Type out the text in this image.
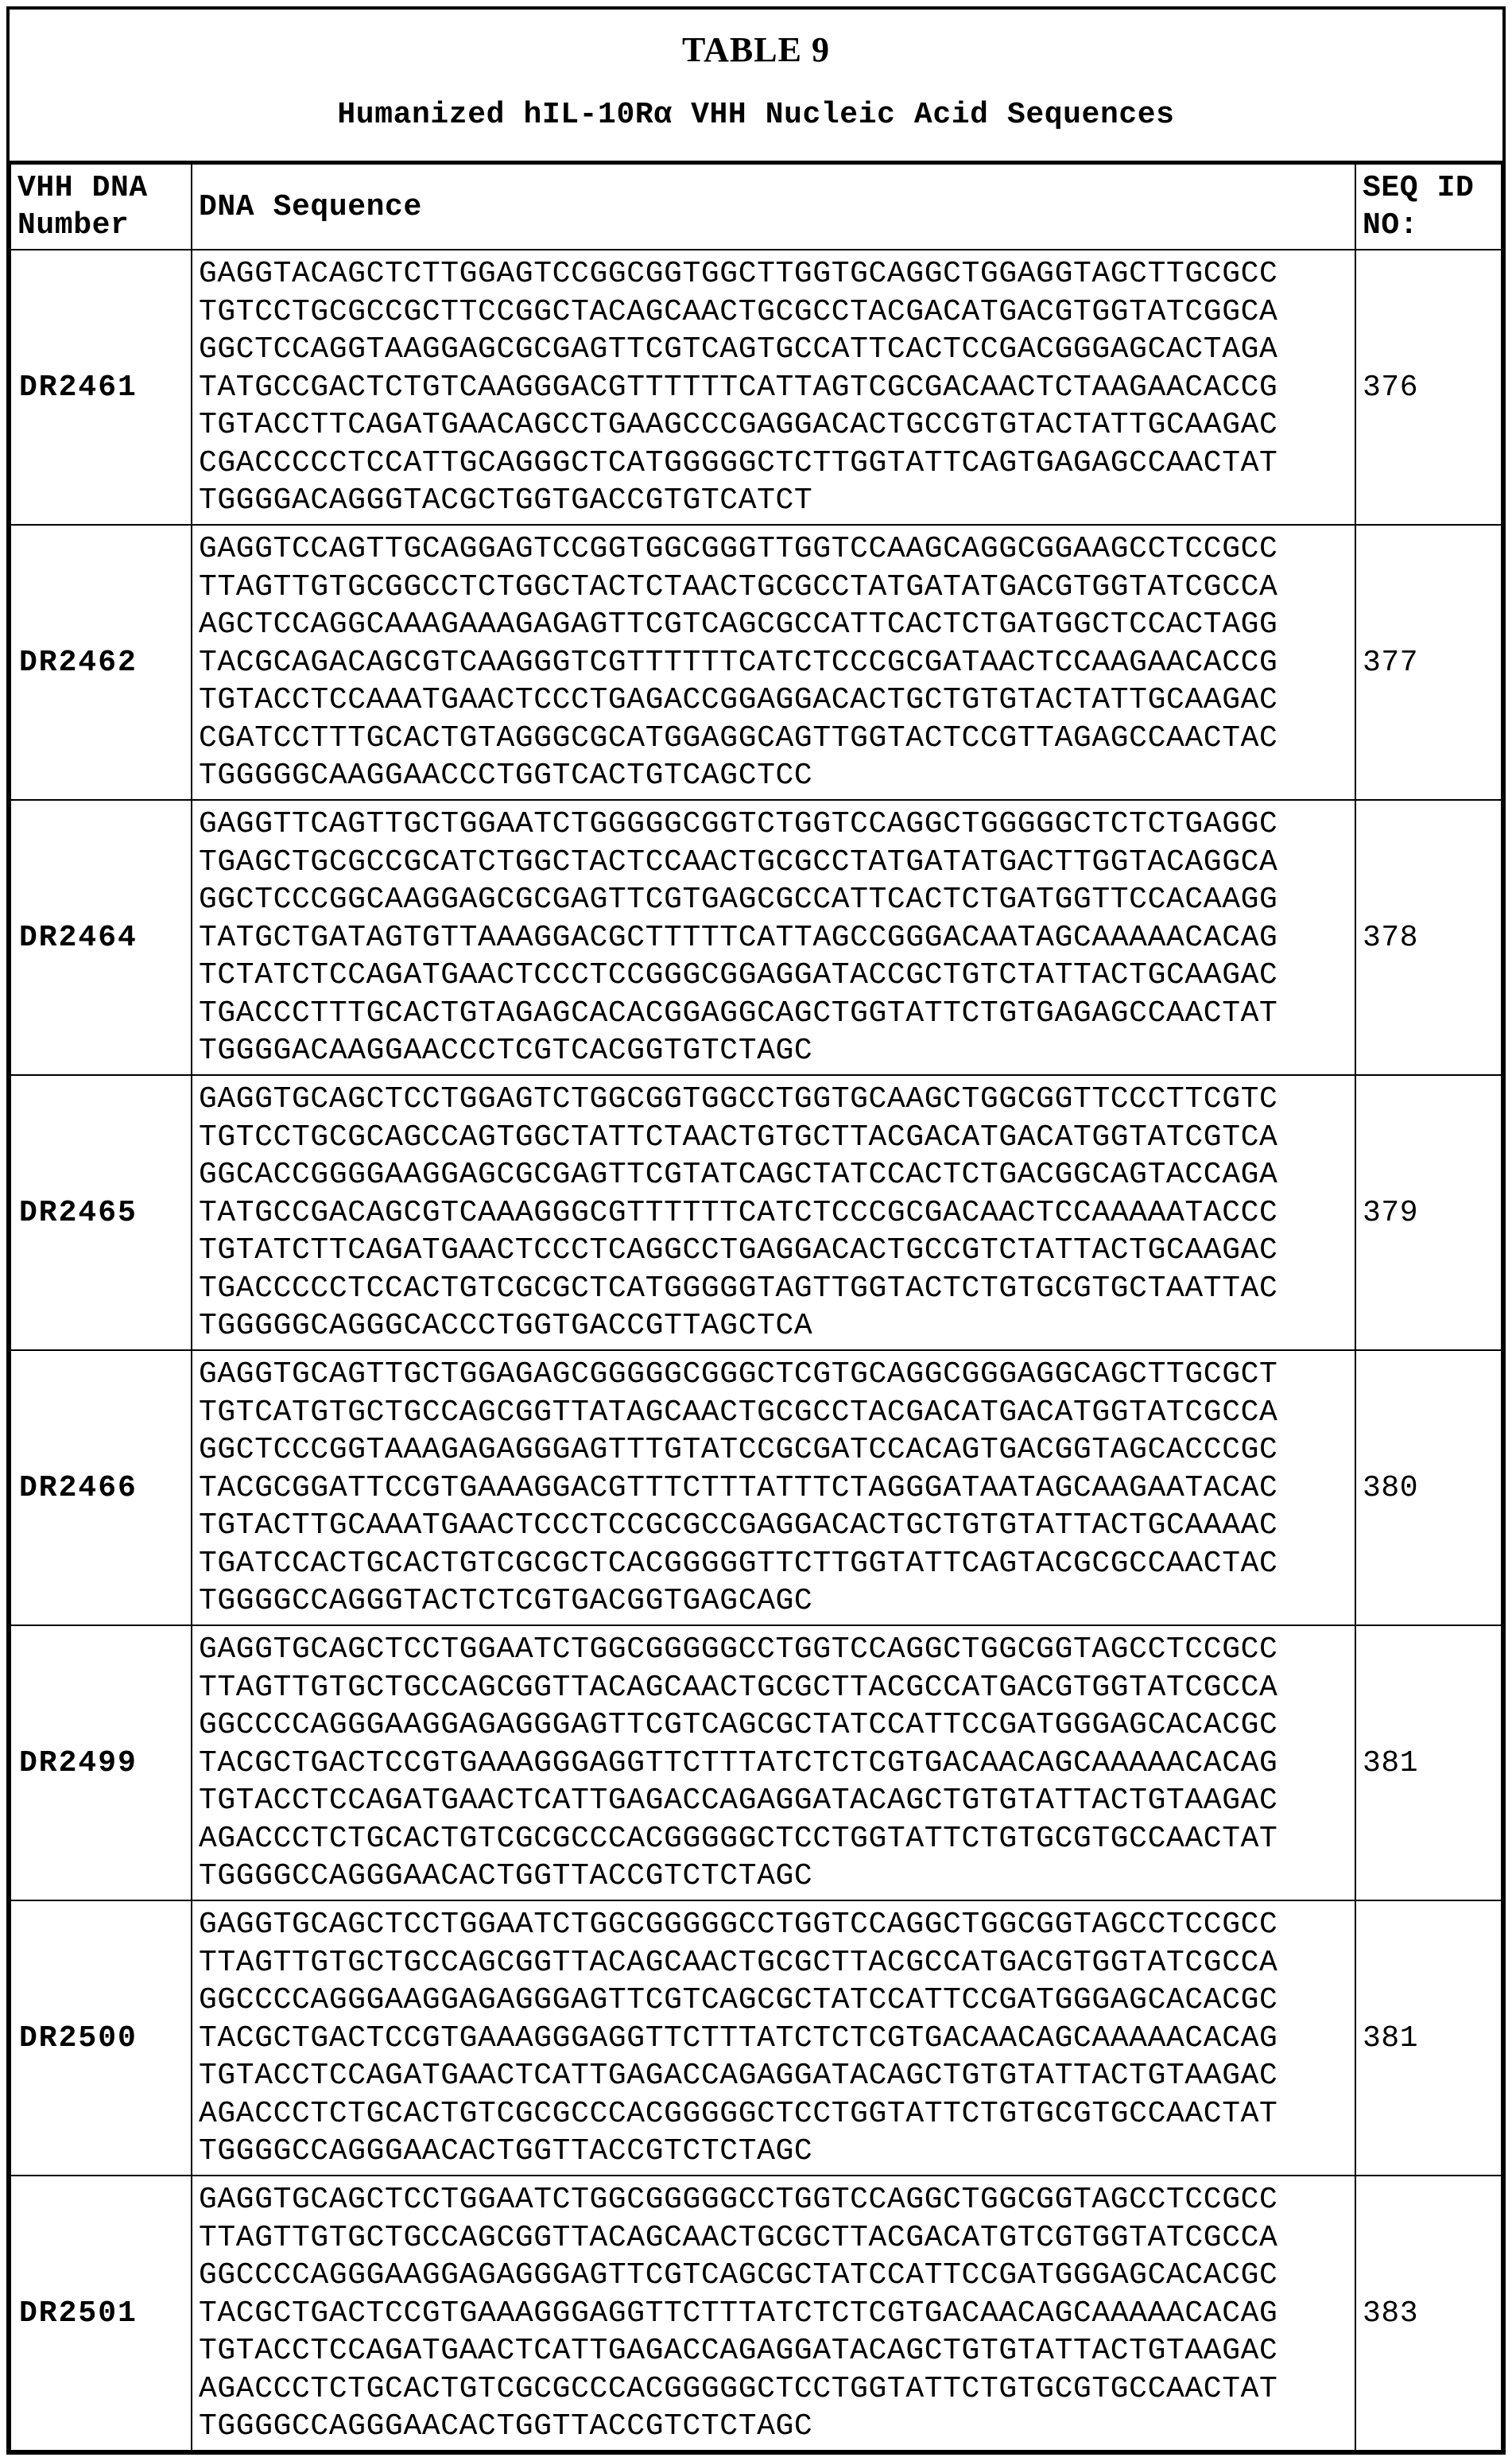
TABLE 9
Humanized hIL-10Rα VHH Nucleic Acid Sequences
VHH DNA
Number

DNA Sequence

SEQ ID
NO:

DR2461	
GAGGTACAGCTCTTGGAGTCCGGCGGTGGCTTGGTGCAGGCTGGAGGTAGCTTGCGCC
TGTCCTGCGCCGCTTCCGGCTACAGCAACTGCGCCTACGACATGACGTGGTATCGGCA
GGCTCCAGGTAAGGAGCGCGAGTTCGTCAGTGCCATTCACTCCGACGGGAGCACTAGA
TATGCCGACTCTGTCAAGGGACGTTTTTTCATTAGTCGCGACAACTCTAAGAACACCG
TGTACCTTCAGATGAACAGCCTGAAGCCCGAGGACACTGCCGTGTACTATTGCAAGAC
CGACCCCCTCCATTGCAGGGCTCATGGGGGCTCTTGGTATTCAGTGAGAGCCAACTAT
TGGGGACAGGGTACGCTGGTGACCGTGTCATCT
	376
DR2462	
GAGGTCCAGTTGCAGGAGTCCGGTGGCGGGTTGGTCCAAGCAGGCGGAAGCCTCCGCC
TTAGTTGTGCGGCCTCTGGCTACTCTAACTGCGCCTATGATATGACGTGGTATCGCCA
AGCTCCAGGCAAAGAAAGAGAGTTCGTCAGCGCCATTCACTCTGATGGCTCCACTAGG
TACGCAGACAGCGTCAAGGGTCGTTTTTTCATCTCCCGCGATAACTCCAAGAACACCG
TGTACCTCCAAATGAACTCCCTGAGACCGGAGGACACTGCTGTGTACTATTGCAAGAC
CGATCCTTTGCACTGTAGGGCGCATGGAGGCAGTTGGTACTCCGTTAGAGCCAACTAC
TGGGGGCAAGGAACCCTGGTCACTGTCAGCTCC
	377
DR2464	
GAGGTTCAGTTGCTGGAATCTGGGGGCGGTCTGGTCCAGGCTGGGGGCTCTCTGAGGC
TGAGCTGCGCCGCATCTGGCTACTCCAACTGCGCCTATGATATGACTTGGTACAGGCA
GGCTCCCGGCAAGGAGCGCGAGTTCGTGAGCGCCATTCACTCTGATGGTTCCACAAGG
TATGCTGATAGTGTTAAAGGACGCTTTTTCATTAGCCGGGACAATAGCAAAAACACAG
TCTATCTCCAGATGAACTCCCTCCGGGCGGAGGATACCGCTGTCTATTACTGCAAGAC
TGACCCTTTGCACTGTAGAGCACACGGAGGCAGCTGGTATTCTGTGAGAGCCAACTAT
TGGGGACAAGGAACCCTCGTCACGGTGTCTAGC
	378
DR2465	
GAGGTGCAGCTCCTGGAGTCTGGCGGTGGCCTGGTGCAAGCTGGCGGTTCCCTTCGTC
TGTCCTGCGCAGCCAGTGGCTATTCTAACTGTGCTTACGACATGACATGGTATCGTCA
GGCACCGGGGAAGGAGCGCGAGTTCGTATCAGCTATCCACTCTGACGGCAGTACCAGA
TATGCCGACAGCGTCAAAGGGCGTTTTTTCATCTCCCGCGACAACTCCAAAAATACCC
TGTATCTTCAGATGAACTCCCTCAGGCCTGAGGACACTGCCGTCTATTACTGCAAGAC
TGACCCCCTCCACTGTCGCGCTCATGGGGGTAGTTGGTACTCTGTGCGTGCTAATTAC
TGGGGGCAGGGCACCCTGGTGACCGTTAGCTCA
	379
DR2466	
GAGGTGCAGTTGCTGGAGAGCGGGGGCGGGCTCGTGCAGGCGGGAGGCAGCTTGCGCT
TGTCATGTGCTGCCAGCGGTTATAGCAACTGCGCCTACGACATGACATGGTATCGCCA
GGCTCCCGGTAAAGAGAGGGAGTTTGTATCCGCGATCCACAGTGACGGTAGCACCCGC
TACGCGGATTCCGTGAAAGGACGTTTCTTTATTTCTAGGGATAATAGCAAGAATACAC
TGTACTTGCAAATGAACTCCCTCCGCGCCGAGGACACTGCTGTGTATTACTGCAAAAC
TGATCCACTGCACTGTCGCGCTCACGGGGGTTCTTGGTATTCAGTACGCGCCAACTAC
TGGGGCCAGGGTACTCTCGTGACGGTGAGCAGC
	380
DR2499	
GAGGTGCAGCTCCTGGAATCTGGCGGGGGCCTGGTCCAGGCTGGCGGTAGCCTCCGCC
TTAGTTGTGCTGCCAGCGGTTACAGCAACTGCGCTTACGCCATGACGTGGTATCGCCA
GGCCCCAGGGAAGGAGAGGGAGTTCGTCAGCGCTATCCATTCCGATGGGAGCACACGC
TACGCTGACTCCGTGAAAGGGAGGTTCTTTATCTCTCGTGACAACAGCAAAAACACAG
TGTACCTCCAGATGAACTCATTGAGACCAGAGGATACAGCTGTGTATTACTGTAAGAC
AGACCCTCTGCACTGTCGCGCCCACGGGGGCTCCTGGTATTCTGTGCGTGCCAACTAT
TGGGGCCAGGGAACACTGGTTACCGTCTCTAGC
	381
DR2500	
GAGGTGCAGCTCCTGGAATCTGGCGGGGGCCTGGTCCAGGCTGGCGGTAGCCTCCGCC
TTAGTTGTGCTGCCAGCGGTTACAGCAACTGCGCTTACGCCATGACGTGGTATCGCCA
GGCCCCAGGGAAGGAGAGGGAGTTCGTCAGCGCTATCCATTCCGATGGGAGCACACGC
TACGCTGACTCCGTGAAAGGGAGGTTCTTTATCTCTCGTGACAACAGCAAAAACACAG
TGTACCTCCAGATGAACTCATTGAGACCAGAGGATACAGCTGTGTATTACTGTAAGAC
AGACCCTCTGCACTGTCGCGCCCACGGGGGCTCCTGGTATTCTGTGCGTGCCAACTAT
TGGGGCCAGGGAACACTGGTTACCGTCTCTAGC
	381
DR2501	
GAGGTGCAGCTCCTGGAATCTGGCGGGGGCCTGGTCCAGGCTGGCGGTAGCCTCCGCC
TTAGTTGTGCTGCCAGCGGTTACAGCAACTGCGCTTACGACATGTCGTGGTATCGCCA
GGCCCCAGGGAAGGAGAGGGAGTTCGTCAGCGCTATCCATTCCGATGGGAGCACACGC
TACGCTGACTCCGTGAAAGGGAGGTTCTTTATCTCTCGTGACAACAGCAAAAACACAG
TGTACCTCCAGATGAACTCATTGAGACCAGAGGATACAGCTGTGTATTACTGTAAGAC
AGACCCTCTGCACTGTCGCGCCCACGGGGGCTCCTGGTATTCTGTGCGTGCCAACTAT
TGGGGCCAGGGAACACTGGTTACCGTCTCTAGC
	383
